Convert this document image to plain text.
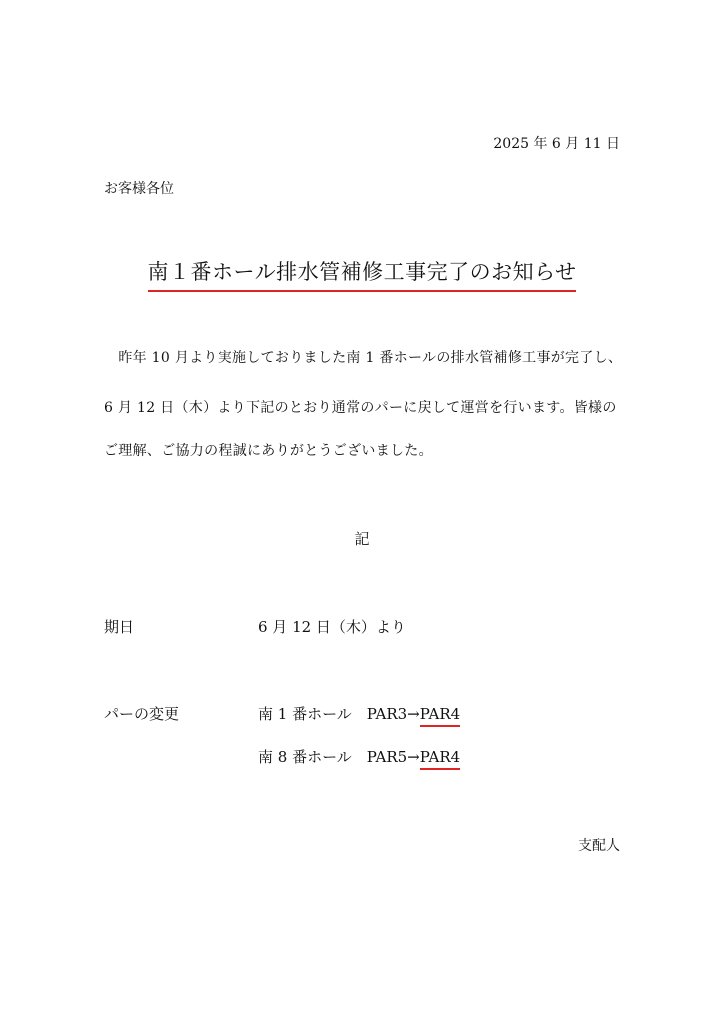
2025 年 6 月 11 日
お客様各位
南１番ホール排水管補修工事完了のお知らせ
　昨年 10 月より実施しておりました南 1 番ホールの排水管補修工事が完了し、
6 月 12 日（木）より下記のとおり通常のパーに戻して運営を行います。皆様の
ご理解、ご協力の程誠にありがとうございました。
記
期日	6 月 12 日（木）より
パーの変更	南 1 番ホール　 PAR3→PAR4
南 8 番ホール　 PAR5→PAR4
支配人
